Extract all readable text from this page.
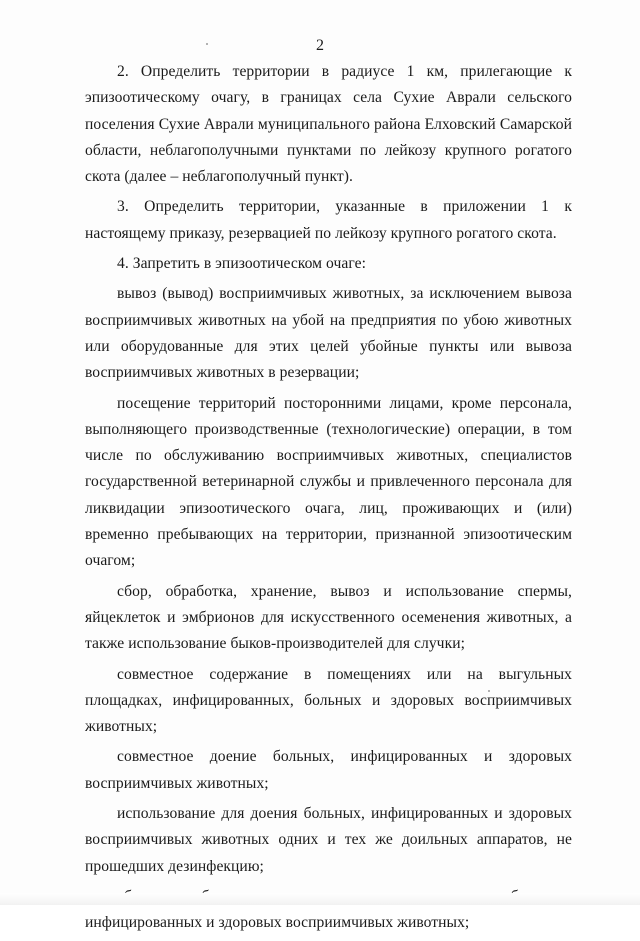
2

2. Определить территории в радиусе 1 км, прилегающие к эпизоотическому очагу, в границах села Сухие Аврали сельского поселения Сухие Аврали муниципального района Елховский Самарской области, неблагополучными пунктами по лейкозу крупного рогатого скота (далее – неблагополучный пункт).

3. Определить территории, указанные в приложении 1 к настоящему приказу, резервацией по лейкозу крупного рогатого скота.

4. Запретить в эпизоотическом очаге:

вывоз (вывод) восприимчивых животных, за исключением вывоза восприимчивых животных на убой на предприятия по убою животных или оборудованные для этих целей убойные пункты или вывоза восприимчивых животных в резервации;

посещение территорий посторонними лицами, кроме персонала, выполняющего производственные (технологические) операции, в том числе по обслуживанию восприимчивых животных, специалистов государственной ветеринарной службы и привлеченного персонала для ликвидации эпизоотического очага, лиц, проживающих и (или) временно пребывающих на территории, признанной эпизоотическим очагом;

сбор, обработка, хранение, вывоз и использование спермы, яйцеклеток и эмбрионов для искусственного осеменения животных, а также использование быков-производителей для случки;

совместное содержание в помещениях или на выгульных площадках, инфицированных, больных и здоровых восприимчивых животных;

совместное доение больных, инфицированных и здоровых восприимчивых животных;

использование для доения больных, инфицированных и здоровых восприимчивых животных одних и тех же доильных аппаратов, не прошедших дезинфекцию;

инфицированных и здоровых восприимчивых животных;
